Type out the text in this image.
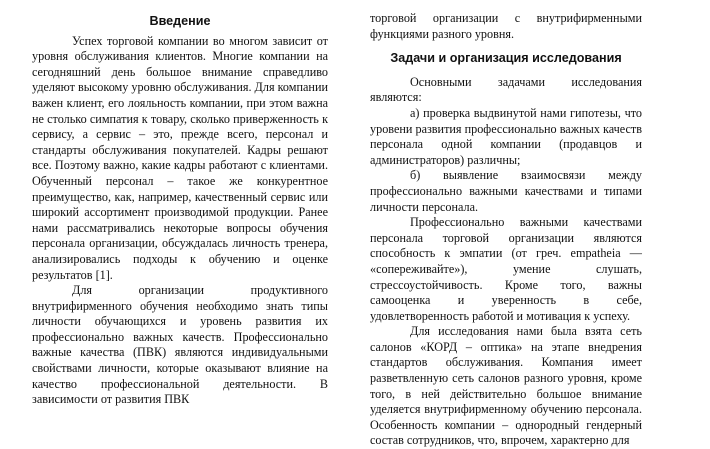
Введение

Успех торговой компании во многом зависит от уровня обслуживания клиентов. Многие компании на сегодняшний день большое внимание справедливо уделяют высокому уровню обслуживания. Для компании важен клиент, его лояльность компании, при этом важна не столько симпатия к товару, сколько приверженность к сервису, а сервис – это, прежде всего, персонал и стандарты обслуживания покупателей. Кадры решают все. Поэтому важно, какие кадры работают с клиентами. Обученный персонал – такое же конкурентное преимущество, как, например, качественный сервис или широкий ассортимент производимой продукции. Ранее нами рассматривались некоторые вопросы обучения персонала организации, обсуждалась личность тренера, анализировались подходы к обучению и оценке результатов [1].

Для организации продуктивного внутрифирменного обучения необходимо знать типы личности обучающихся и уровень развития их профессионально важных качеств. Профессионально важные качества (ПВК) являются индивидуальными свойствами личности, которые оказывают влияние на качество профессиональной деятельности. В зависимости от развития ПВК

торговой организации с внутрифирменными функциями разного уровня.

Задачи и организация исследования

Основными задачами исследования являются:

а) проверка выдвинутой нами гипотезы, что уровени развития профессионально важных качеств персонала одной компании (продавцов и администраторов) различны;

б) выявление взаимосвязи между профессионально важными качествами и типами личности персонала.

Профессионально важными качествами персонала торговой организации являются способность к эмпатии (от греч. empatheia — «сопереживайте»), умение слушать, стрессоустойчивость. Кроме того, важны самооценка и уверенность в себе, удовлетворенность работой и мотивация к успеху.

Для исследования нами была взята сеть салонов «КОРД – оптика» на этапе внедрения стандартов обслуживания. Компания имеет разветвленную сеть салонов разного уровня, кроме того, в ней действительно большое внимание уделяется внутрифирменному обучению персонала. Особенность компании – однородный гендерный состав сотрудников, что, впрочем, характерно для
